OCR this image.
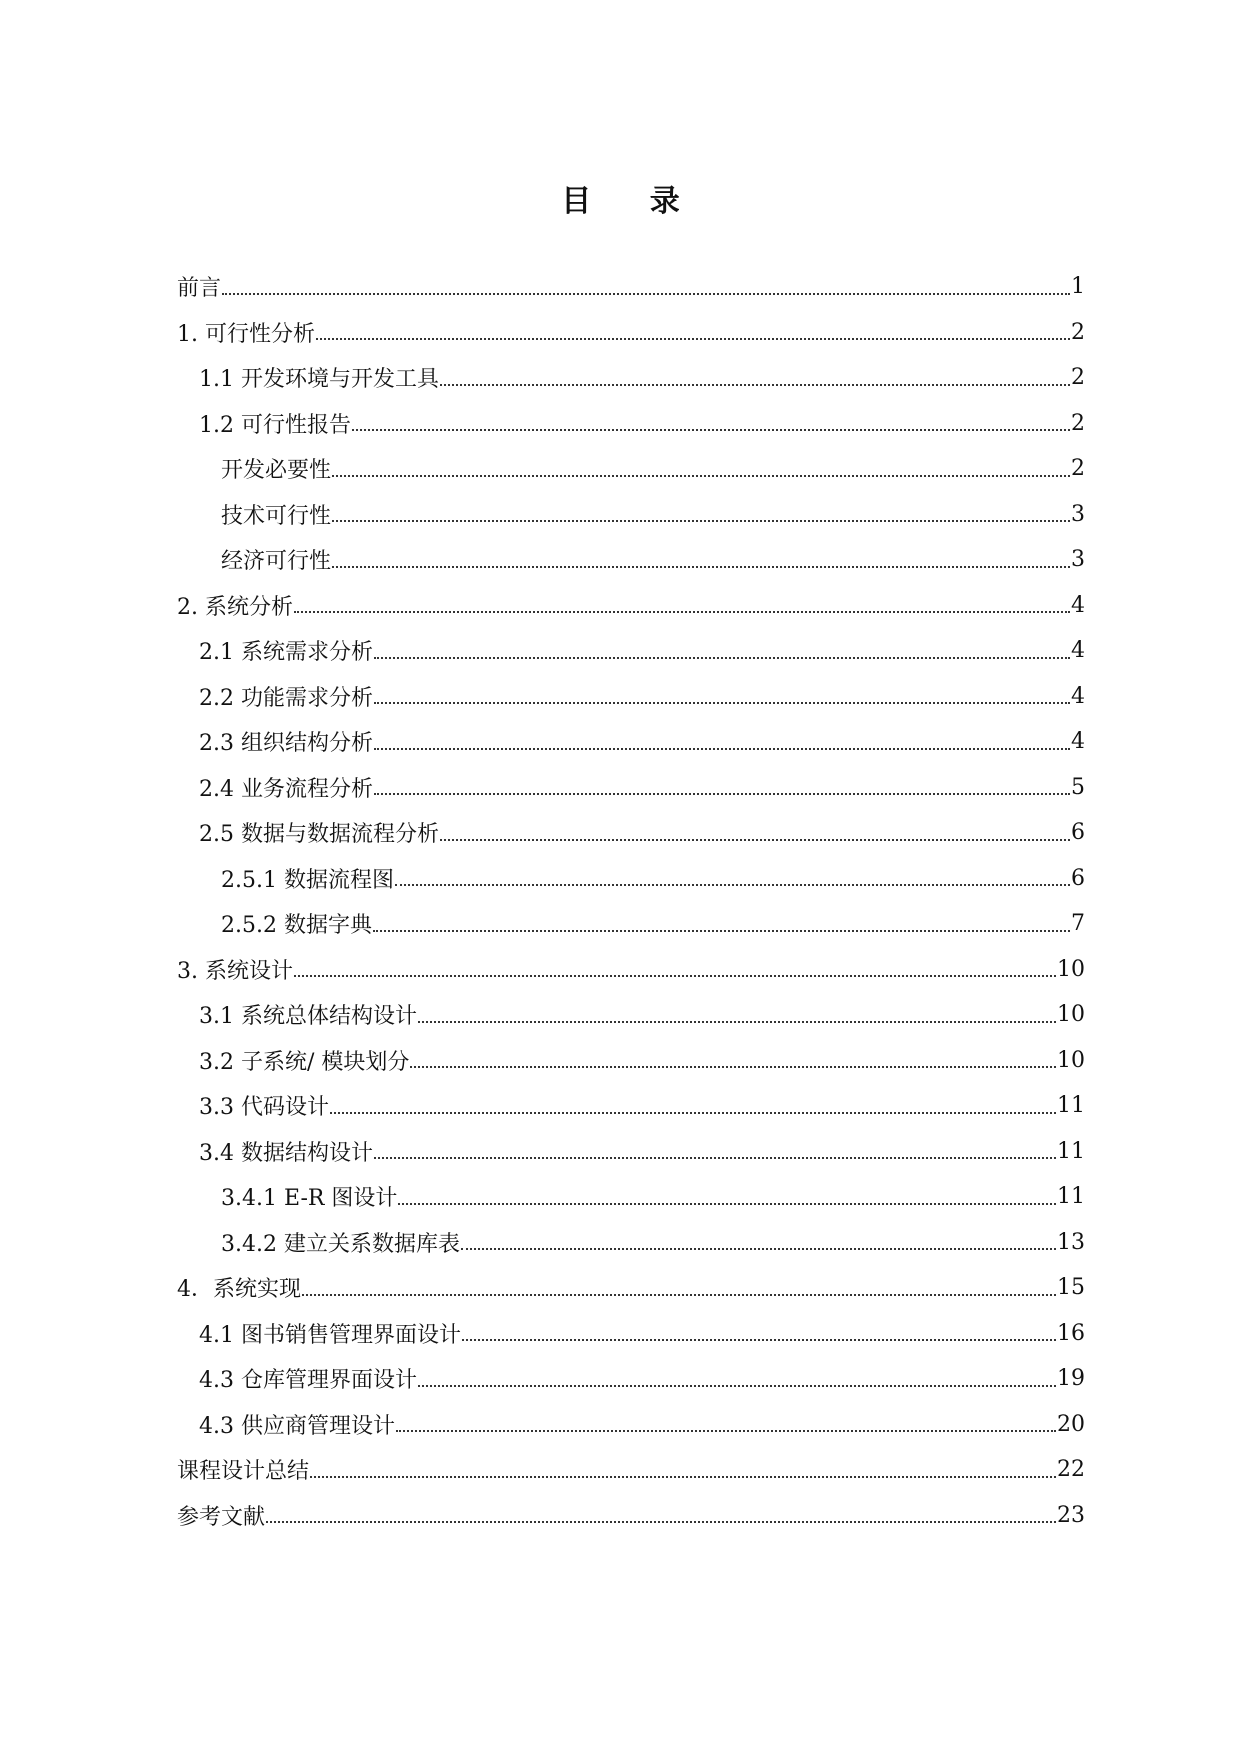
目 录
前言	1
1. 可行性分析	2
1.1 开发环境与开发工具	2
1.2 可行性报告	2
开发必要性	2
技术可行性	3
经济可行性	3
2. 系统分析	4
2.1 系统需求分析	4
2.2 功能需求分析	4
2.3 组织结构分析	4
2.4 业务流程分析	5
2.5 数据与数据流程分析	6
2.5.1 数据流程图	6
2.5.2 数据字典	7
3. 系统设计	10
3.1 系统总体结构设计	10
3.2 子系统/ 模块划分	10
3.3 代码设计	11
3.4 数据结构设计	11
3.4.1 E-R 图设计	11
3.4.2 建立关系数据库表	13
4．系统实现	15
4.1 图书销售管理界面设计	16
4.3 仓库管理界面设计	19
4.3 供应商管理设计	20
课程设计总结	22
参考文献	23
